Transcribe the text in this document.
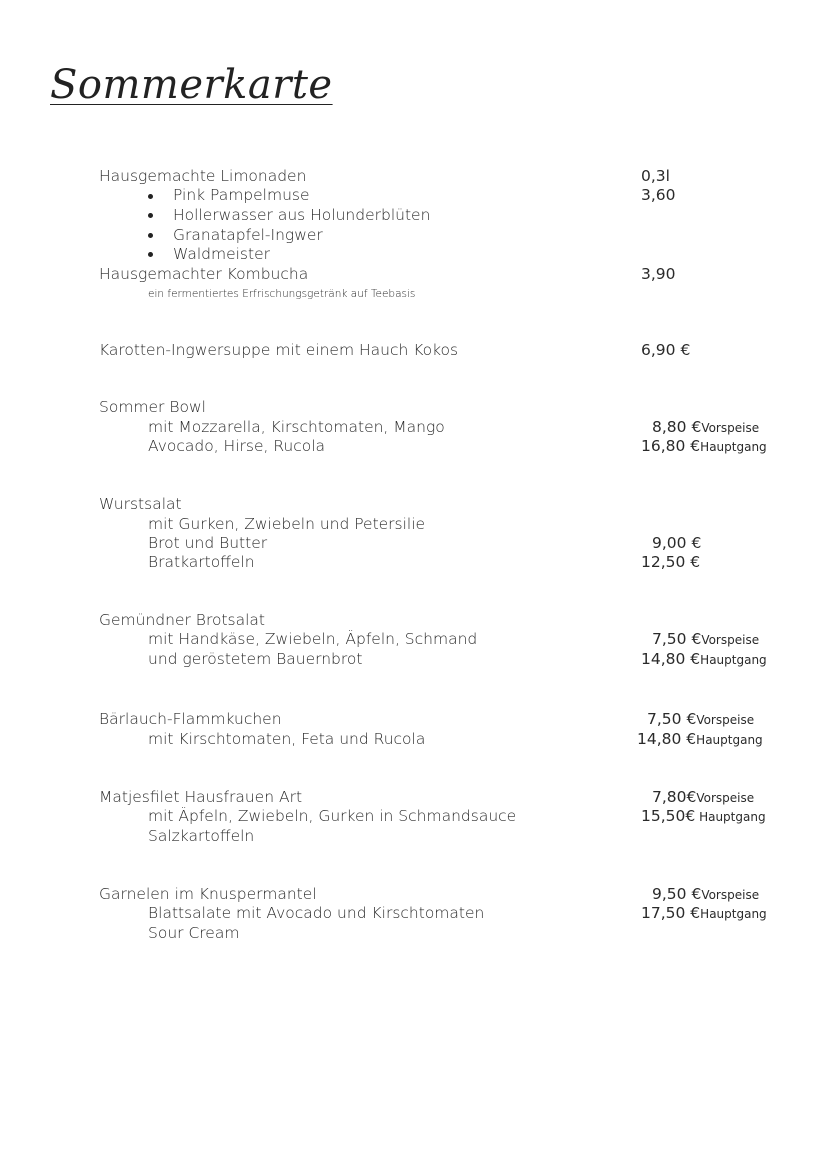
Sommerkarte
Hausgemachte Limonaden	0,3l
Pink Pampelmuse	3,60
Hollerwasser aus Holunderblüten
Granatapfel-Ingwer
Waldmeister
Hausgemachter Kombucha	3,90
ein fermentiertes Erfrischungsgetränk auf Teebasis
Karotten-Ingwersuppe mit einem Hauch Kokos	6,90 €
Sommer Bowl
mit Mozzarella, Kirschtomaten, Mango	8,80 €Vorspeise
Avocado, Hirse, Rucola	16,80 €Hauptgang
Wurstsalat
mit Gurken, Zwiebeln und Petersilie
Brot und Butter	9,00 €
Bratkartoffeln	12,50 €
Gemündner Brotsalat
mit Handkäse, Zwiebeln, Äpfeln, Schmand	7,50 €Vorspeise
und geröstetem Bauernbrot	14,80 €Hauptgang
Bärlauch-Flammkuchen	7,50 €Vorspeise
mit Kirschtomaten, Feta und Rucola	14,80 €Hauptgang
Matjesfilet Hausfrauen Art	7,80€Vorspeise
mit Äpfeln, Zwiebeln, Gurken in Schmandsauce	15,50€ Hauptgang
Salzkartoffeln
Garnelen im Knuspermantel	9,50 €Vorspeise
Blattsalate mit Avocado und Kirschtomaten	17,50 €Hauptgang
Sour Cream
